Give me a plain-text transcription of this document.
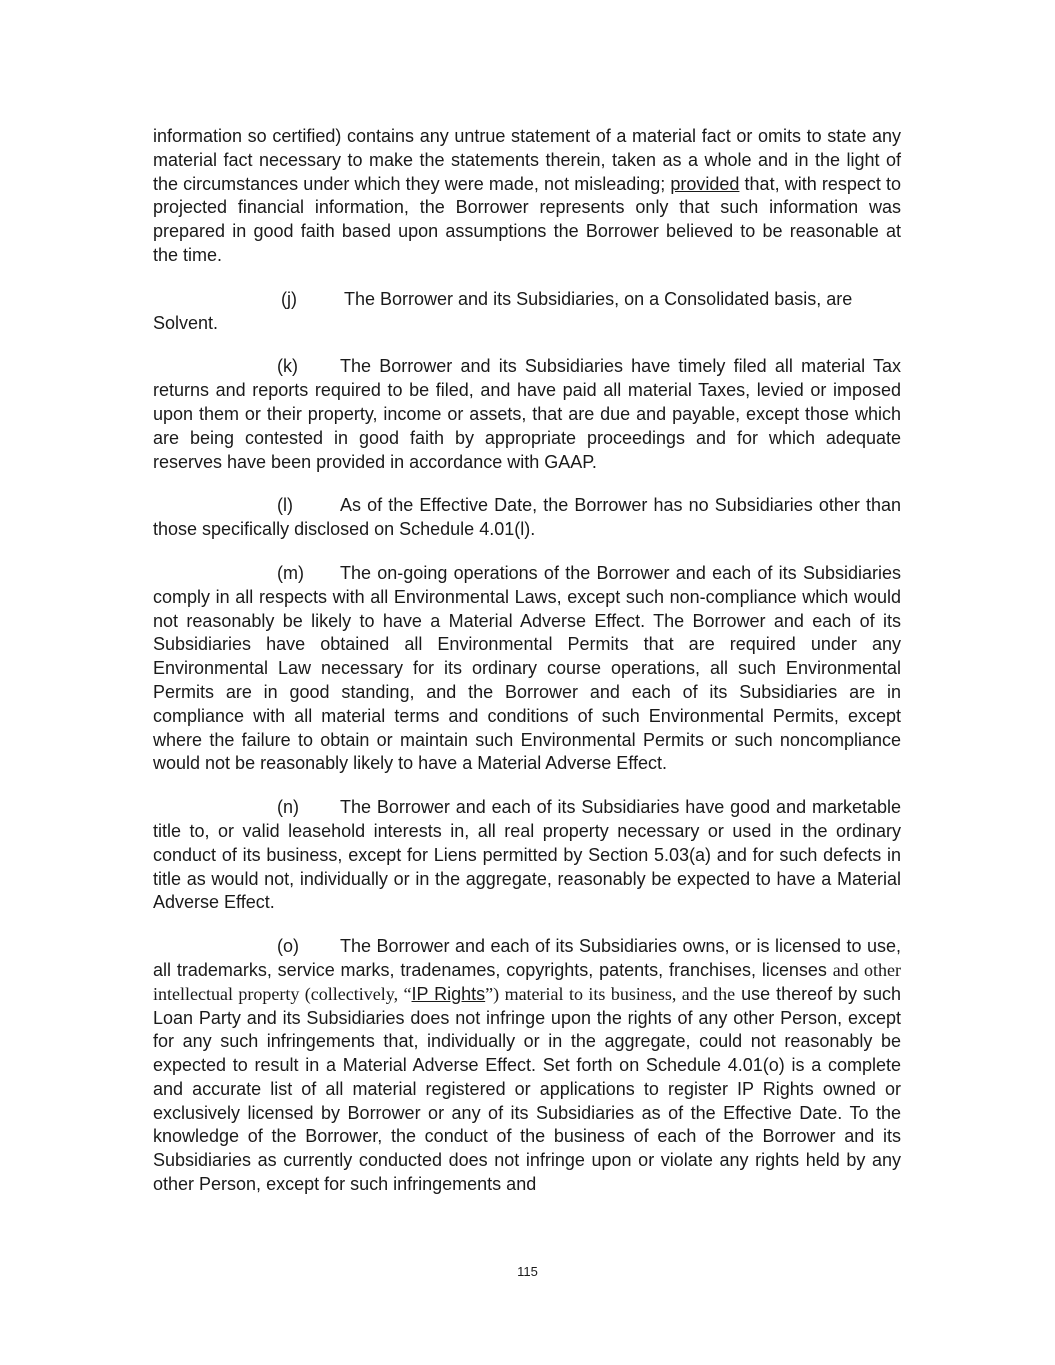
information so certified) contains any untrue statement of a material fact or omits to state any material fact necessary to make the statements therein, taken as a whole and in the light of the circumstances under which they were made, not misleading; provided that, with respect to projected financial information, the Borrower represents only that such information was prepared in good faith based upon assumptions the Borrower believed to be reasonable at the time.

(j)	The Borrower and its Subsidiaries, on a Consolidated basis, are
Solvent.

(k) The Borrower and its Subsidiaries have timely filed all material Tax returns and reports required to be filed, and have paid all material Taxes, levied or imposed upon them or their property, income or assets, that are due and payable, except those which are being contested in good faith by appropriate proceedings and for which adequate reserves have been provided in accordance with GAAP.

(l)	As of the Effective Date, the Borrower has no Subsidiaries other than those specifically disclosed on Schedule 4.01(l).

(m) The on-going operations of the Borrower and each of its Subsidiaries comply in all respects with all Environmental Laws, except such non-compliance which would not reasonably be likely to have a Material Adverse Effect. The Borrower and each of its Subsidiaries have obtained all Environmental Permits that are required under any Environmental Law necessary for its ordinary course operations, all such Environmental Permits are in good standing, and the Borrower and each of its Subsidiaries are in compliance with all material terms and conditions of such Environmental Permits, except where the failure to obtain or maintain such Environmental Permits or such noncompliance would not be reasonably likely to have a Material Adverse Effect.

(n) The Borrower and each of its Subsidiaries have good and marketable title to, or valid leasehold interests in, all real property necessary or used in the ordinary conduct of its business, except for Liens permitted by Section 5.03(a) and for such defects in title as would not, individually or in the aggregate, reasonably be expected to have a Material Adverse Effect.

(o) The Borrower and each of its Subsidiaries owns, or is licensed to use, all trademarks, service marks, tradenames, copyrights, patents, franchises, licenses and other intellectual property (collectively, “IP Rights”) material to its business, and the use thereof by such Loan Party and its Subsidiaries does not infringe upon the rights of any other Person, except for any such infringements that, individually or in the aggregate, could not reasonably be expected to result in a Material Adverse Effect. Set forth on Schedule 4.01(o) is a complete and accurate list of all material registered or applications to register IP Rights owned or exclusively licensed by Borrower or any of its Subsidiaries as of the Effective Date. To the knowledge of the Borrower, the conduct of the business of each of the Borrower and its Subsidiaries as currently conducted does not infringe upon or violate any rights held by any other Person, except for such infringements and

115
